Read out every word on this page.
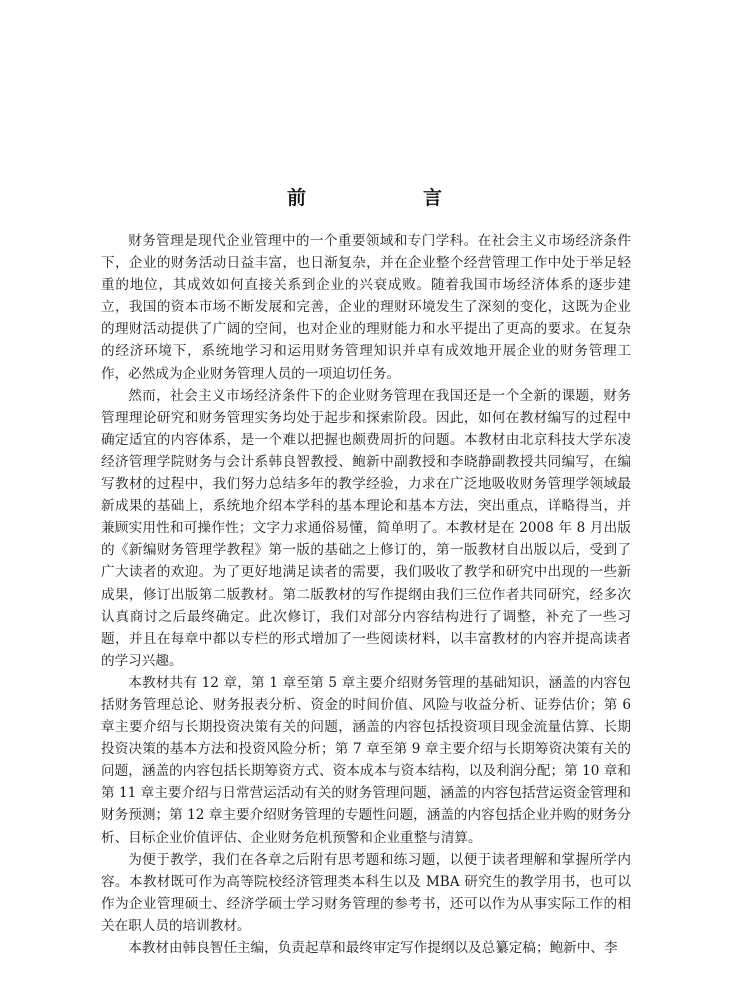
前　言

财务管理是现代企业管理中的一个重要领域和专门学科。在社会主义市场经济条件下，企业的财务活动日益丰富，也日渐复杂，并在企业整个经营管理工作中处于举足轻重的地位，其成效如何直接关系到企业的兴衰成败。随着我国市场经济体系的逐步建立，我国的资本市场不断发展和完善，企业的理财环境发生了深刻的变化，这既为企业的理财活动提供了广阔的空间，也对企业的理财能力和水平提出了更高的要求。在复杂的经济环境下，系统地学习和运用财务管理知识并卓有成效地开展企业的财务管理工作，必然成为企业财务管理人员的一项迫切任务。

然而，社会主义市场经济条件下的企业财务管理在我国还是一个全新的课题，财务管理理论研究和财务管理实务均处于起步和探索阶段。因此，如何在教材编写的过程中确定适宜的内容体系，是一个难以把握也颇费周折的问题。本教材由北京科技大学东凌经济管理学院财务与会计系韩良智教授、鲍新中副教授和李晓静副教授共同编写，在编写教材的过程中，我们努力总结多年的教学经验，力求在广泛地吸收财务管理学领域最新成果的基础上，系统地介绍本学科的基本理论和基本方法，突出重点，详略得当，并兼顾实用性和可操作性；文字力求通俗易懂，简单明了。本教材是在 2008 年 8 月出版的《新编财务管理学教程》第一版的基础之上修订的，第一版教材自出版以后，受到了广大读者的欢迎。为了更好地满足读者的需要，我们吸收了教学和研究中出现的一些新成果，修订出版第二版教材。第二版教材的写作提纲由我们三位作者共同研究，经多次认真商讨之后最终确定。此次修订，我们对部分内容结构进行了调整，补充了一些习题，并且在每章中都以专栏的形式增加了一些阅读材料，以丰富教材的内容并提高读者的学习兴趣。

本教材共有 12 章，第 1 章至第 5 章主要介绍财务管理的基础知识，涵盖的内容包括财务管理总论、财务报表分析、资金的时间价值、风险与收益分析、证券估价；第 6 章主要介绍与长期投资决策有关的问题，涵盖的内容包括投资项目现金流量估算、长期投资决策的基本方法和投资风险分析；第 7 章至第 9 章主要介绍与长期筹资决策有关的问题，涵盖的内容包括长期筹资方式、资本成本与资本结构，以及利润分配；第 10 章和第 11 章主要介绍与日常营运活动有关的财务管理问题，涵盖的内容包括营运资金管理和财务预测；第 12 章主要介绍财务管理的专题性问题，涵盖的内容包括企业并购的财务分析、目标企业价值评估、企业财务危机预警和企业重整与清算。

为便于教学，我们在各章之后附有思考题和练习题，以便于读者理解和掌握所学内容。本教材既可作为高等院校经济管理类本科生以及 MBA 研究生的教学用书，也可以作为企业管理硕士、经济学硕士学习财务管理的参考书，还可以作为从事实际工作的相关在职人员的培训教材。

本教材由韩良智任主编，负责起草和最终审定写作提纲以及总纂定稿；鲍新中、李
